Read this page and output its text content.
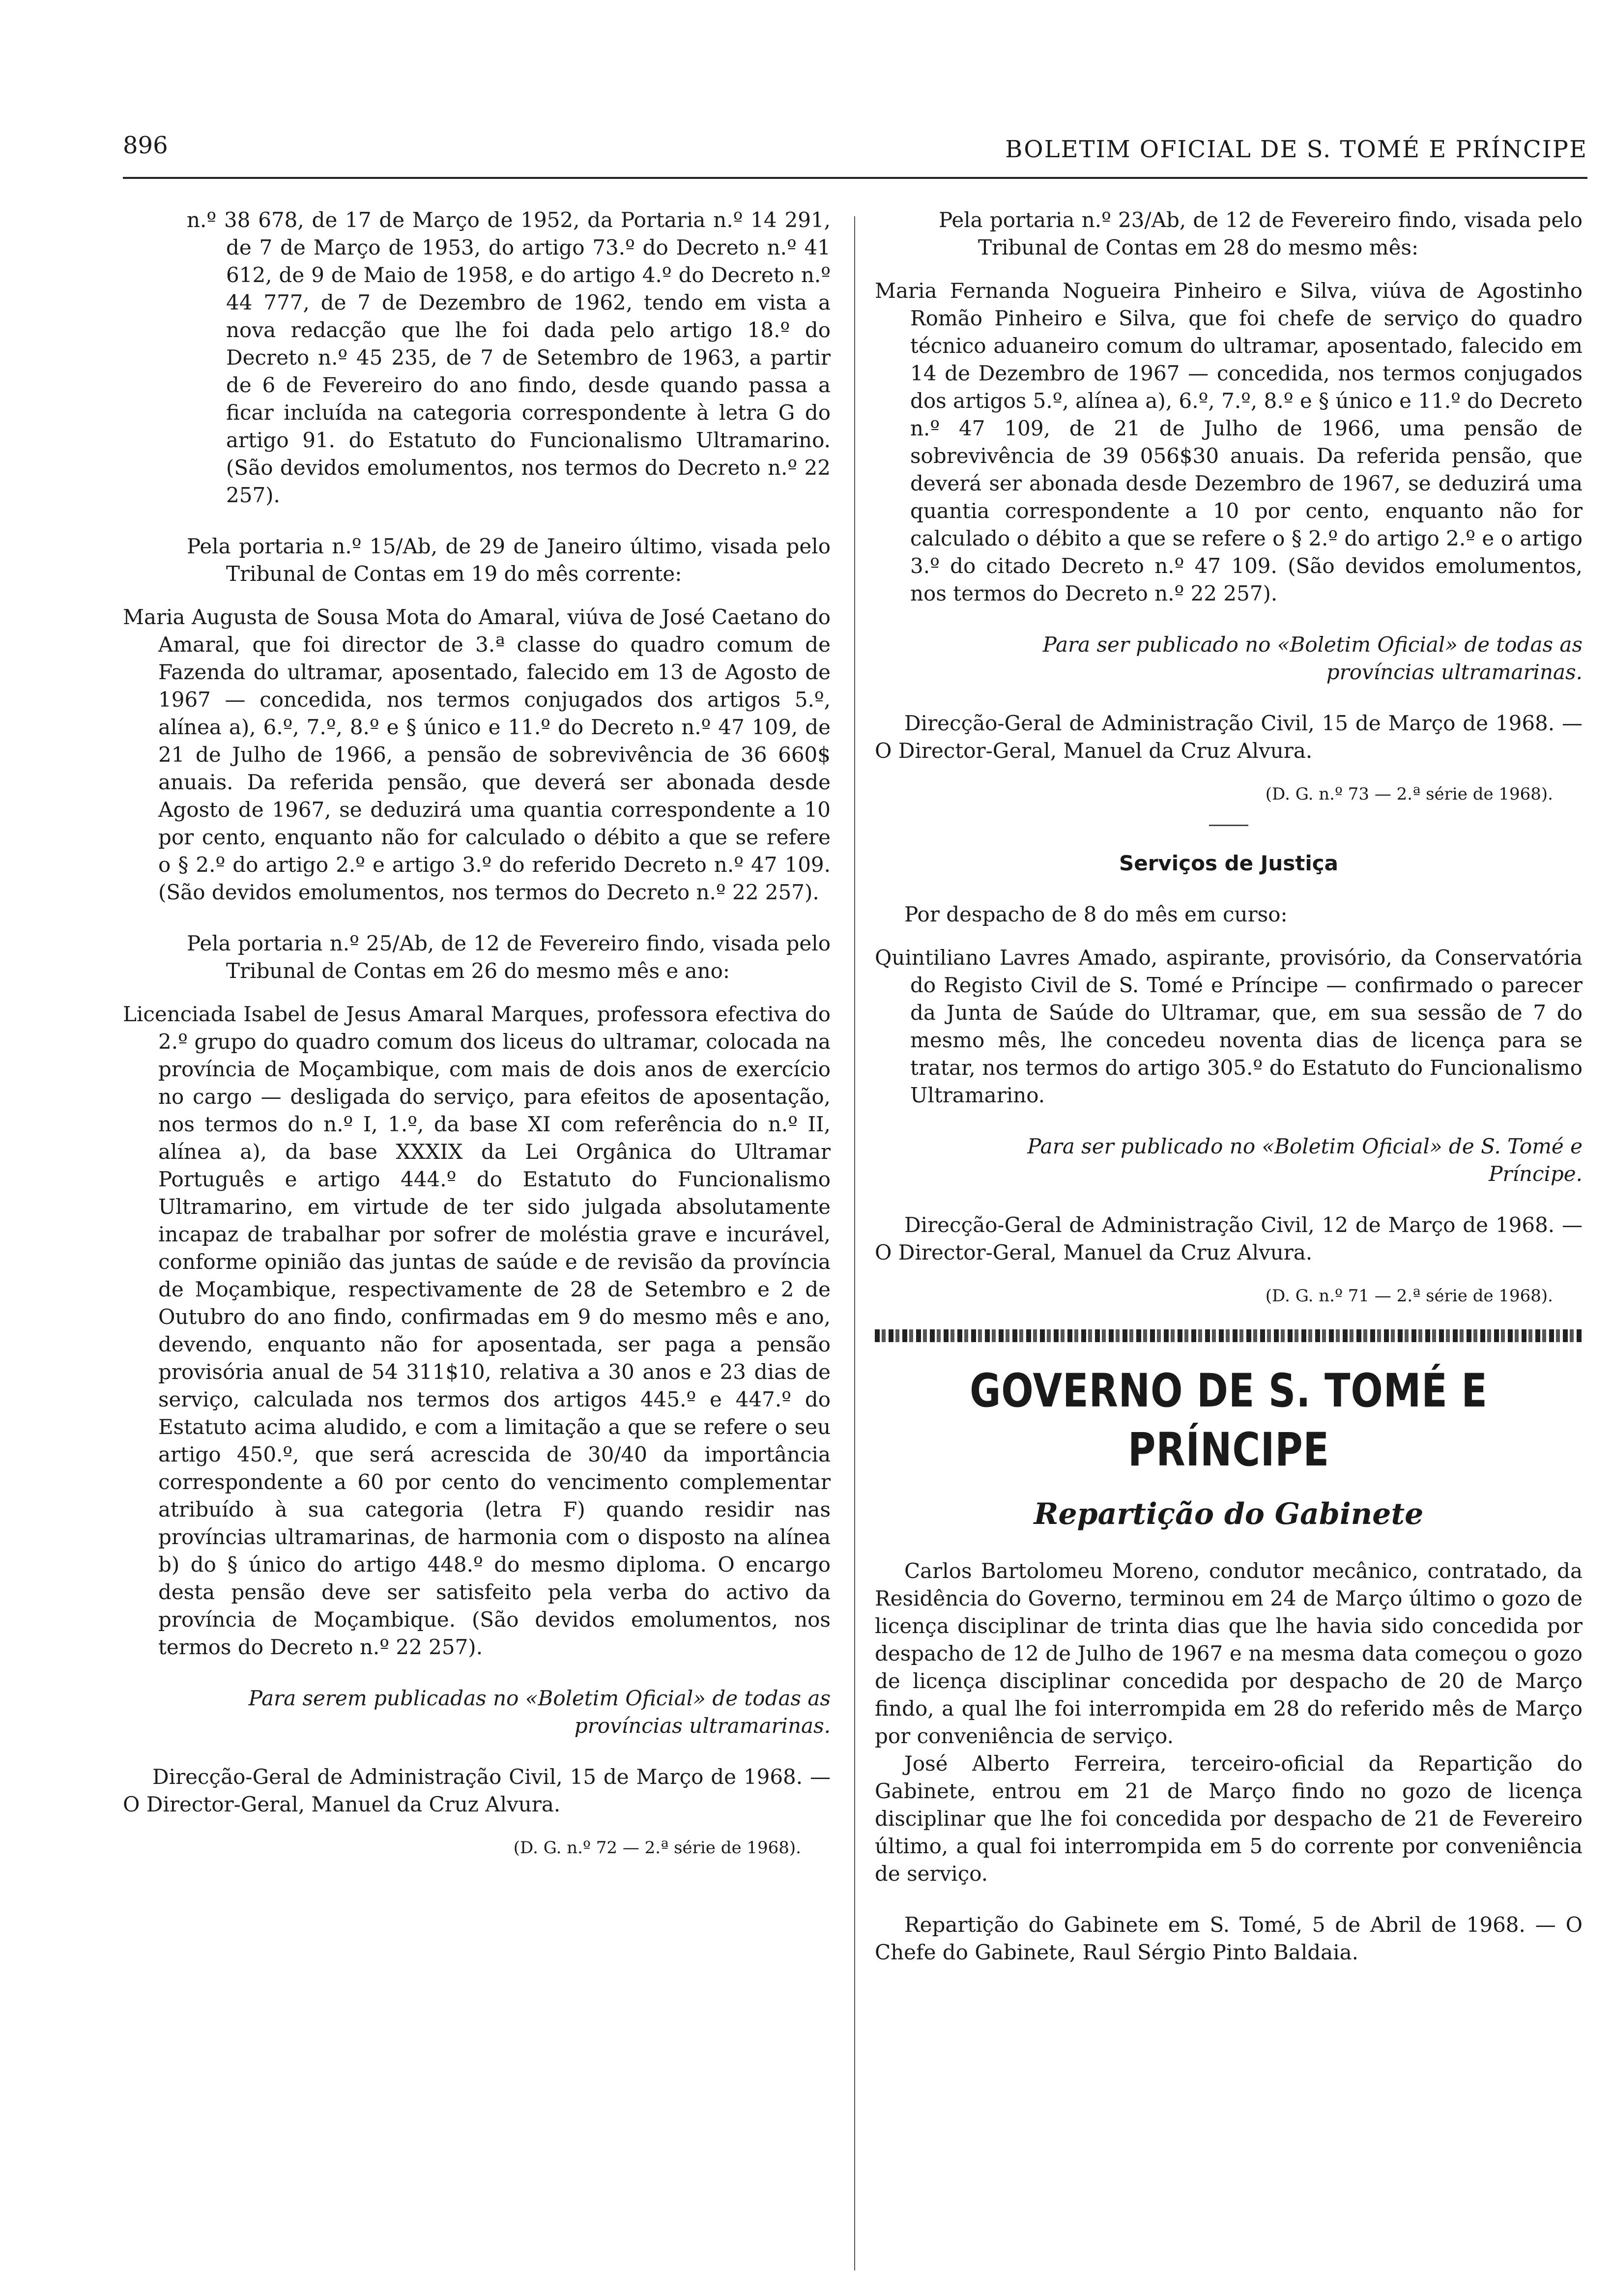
896	BOLETIM OFICIAL DE S. TOMÉ E PRÍNCIPE

n.º 38 678, de 17 de Março de 1952, da Portaria n.º 14 291, de 7 de Março de 1953, do artigo 73.º do Decreto n.º 41 612, de 9 de Maio de 1958, e do artigo 4.º do Decreto n.º 44 777, de 7 de Dezembro de 1962, tendo em vista a nova redacção que lhe foi dada pelo artigo 18.º do Decreto n.º 45 235, de 7 de Setembro de 1963, a partir de 6 de Fevereiro do ano findo, desde quando passa a ficar incluída na categoria correspondente à letra G do artigo 91. do Estatuto do Funcionalismo Ultramarino. (São devidos emolumentos, nos termos do Decreto n.º 22 257).

Pela portaria n.º 15/Ab, de 29 de Janeiro último, visada pelo Tribunal de Contas em 19 do mês corrente:

Maria Augusta de Sousa Mota do Amaral, viúva de José Caetano do Amaral, que foi director de 3.ª classe do quadro comum de Fazenda do ultramar, aposentado, falecido em 13 de Agosto de 1967 — concedida, nos termos conjugados dos artigos 5.º, alínea a), 6.º, 7.º, 8.º e § único e 11.º do Decreto n.º 47 109, de 21 de Julho de 1966, a pensão de sobrevivência de 36 660$ anuais. Da referida pensão, que deverá ser abonada desde Agosto de 1967, se deduzirá uma quantia correspondente a 10 por cento, enquanto não for calculado o débito a que se refere o § 2.º do artigo 2.º e artigo 3.º do referido Decreto n.º 47 109. (São devidos emolumentos, nos termos do Decreto n.º 22 257).

Pela portaria n.º 25/Ab, de 12 de Fevereiro findo, visada pelo Tribunal de Contas em 26 do mesmo mês e ano:

Licenciada Isabel de Jesus Amaral Marques, professora efectiva do 2.º grupo do quadro comum dos liceus do ultramar, colocada na província de Moçambique, com mais de dois anos de exercício no cargo — desligada do serviço, para efeitos de aposentação, nos termos do n.º I, 1.º, da base XI com referência do n.º II, alínea a), da base XXXIX da Lei Orgânica do Ultramar Português e artigo 444.º do Estatuto do Funcionalismo Ultramarino, em virtude de ter sido julgada absolutamente incapaz de trabalhar por sofrer de moléstia grave e incurável, conforme opinião das juntas de saúde e de revisão da província de Moçambique, respectivamente de 28 de Setembro e 2 de Outubro do ano findo, confirmadas em 9 do mesmo mês e ano, devendo, enquanto não for aposentada, ser paga a pensão provisória anual de 54 311$10, relativa a 30 anos e 23 dias de serviço, calculada nos termos dos artigos 445.º e 447.º do Estatuto acima aludido, e com a limitação a que se refere o seu artigo 450.º, que será acrescida de 30/40 da importância correspondente a 60 por cento do vencimento complementar atribuído à sua categoria (letra F) quando residir nas províncias ultramarinas, de harmonia com o disposto na alínea b) do § único do artigo 448.º do mesmo diploma. O encargo desta pensão deve ser satisfeito pela verba do activo da província de Moçambique. (São devidos emolumentos, nos termos do Decreto n.º 22 257).

Para serem publicadas no «Boletim Oficial» de todas as províncias ultramarinas.

Direcção-Geral de Administração Civil, 15 de Março de 1968. — O Director-Geral, Manuel da Cruz Alvura.

(D. G. n.º 72 — 2.ª série de 1968).

Pela portaria n.º 23/Ab, de 12 de Fevereiro findo, visada pelo Tribunal de Contas em 28 do mesmo mês:

Maria Fernanda Nogueira Pinheiro e Silva, viúva de Agostinho Romão Pinheiro e Silva, que foi chefe de serviço do quadro técnico aduaneiro comum do ultramar, aposentado, falecido em 14 de Dezembro de 1967 — concedida, nos termos conjugados dos artigos 5.º, alínea a), 6.º, 7.º, 8.º e § único e 11.º do Decreto n.º 47 109, de 21 de Julho de 1966, uma pensão de sobrevivência de 39 056$30 anuais. Da referida pensão, que deverá ser abonada desde Dezembro de 1967, se deduzirá uma quantia correspondente a 10 por cento, enquanto não for calculado o débito a que se refere o § 2.º do artigo 2.º e o artigo 3.º do citado Decreto n.º 47 109. (São devidos emolumentos, nos termos do Decreto n.º 22 257).

Para ser publicado no «Boletim Oficial» de todas as províncias ultramarinas.

Direcção-Geral de Administração Civil, 15 de Março de 1968. — O Director-Geral, Manuel da Cruz Alvura.

(D. G. n.º 73 — 2.ª série de 1968).

Serviços de Justiça

Por despacho de 8 do mês em curso:

Quintiliano Lavres Amado, aspirante, provisório, da Conservatória do Registo Civil de S. Tomé e Príncipe — confirmado o parecer da Junta de Saúde do Ultramar, que, em sua sessão de 7 do mesmo mês, lhe concedeu noventa dias de licença para se tratar, nos termos do artigo 305.º do Estatuto do Funcionalismo Ultramarino.

Para ser publicado no «Boletim Oficial» de S. Tomé e Príncipe.

Direcção-Geral de Administração Civil, 12 de Março de 1968. — O Director-Geral, Manuel da Cruz Alvura.

(D. G. n.º 71 — 2.ª série de 1968).

GOVERNO DE S. TOMÉ E PRÍNCIPE

Repartição do Gabinete

Carlos Bartolomeu Moreno, condutor mecânico, contratado, da Residência do Governo, terminou em 24 de Março último o gozo de licença disciplinar de trinta dias que lhe havia sido concedida por despacho de 12 de Julho de 1967 e na mesma data começou o gozo de licença disciplinar concedida por despacho de 20 de Março findo, a qual lhe foi interrompida em 28 do referido mês de Março por conveniência de serviço.

José Alberto Ferreira, terceiro-oficial da Repartição do Gabinete, entrou em 21 de Março findo no gozo de licença disciplinar que lhe foi concedida por despacho de 21 de Fevereiro último, a qual foi interrompida em 5 do corrente por conveniência de serviço.

Repartição do Gabinete em S. Tomé, 5 de Abril de 1968. — O Chefe do Gabinete, Raul Sérgio Pinto Baldaia.
